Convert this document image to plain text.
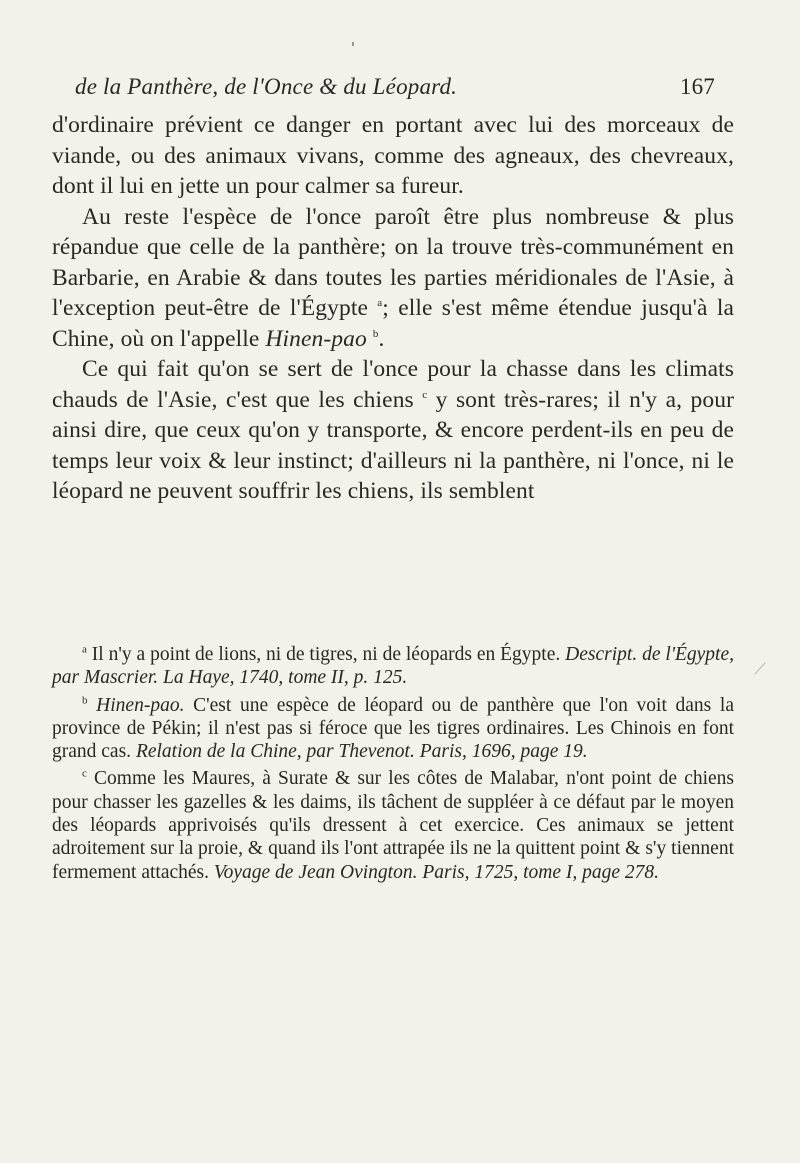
de la Panthère, de l'Once & du Léopard.	167

d'ordinaire prévient ce danger en portant avec lui des morceaux de viande, ou des animaux vivans, comme des agneaux, des chevreaux, dont il lui en jette un pour calmer sa fureur.

Au reste l'espèce de l'once paroît être plus nombreuse & plus répandue que celle de la panthère; on la trouve très-communément en Barbarie, en Arabie & dans toutes les parties méridionales de l'Asie, à l'exception peut-être de l'Égypte $^a$; elle s'est même étendue jusqu'à la Chine, où on l'appelle Hinen-pao $^b$.

Ce qui fait qu'on se sert de l'once pour la chasse dans les climats chauds de l'Asie, c'est que les chiens $^c$ y sont très-rares; il n'y a, pour ainsi dire, que ceux qu'on y transporte, & encore perdent-ils en peu de temps leur voix & leur instinct; d'ailleurs ni la panthère, ni l'once, ni le léopard ne peuvent souffrir les chiens, ils semblent

$^a$ Il n'y a point de lions, ni de tigres, ni de léopards en Égypte. Descript. de l'Égypte, par Mascrier. La Haye, 1740, tome II, p. 125.

$^b$ Hinen-pao. C'est une espèce de léopard ou de panthère que l'on voit dans la province de Pékin; il n'est pas si féroce que les tigres ordinaires. Les Chinois en font grand cas. Relation de la Chine, par Thevenot. Paris, 1696, page 19.

$^c$ Comme les Maures, à Surate & sur les côtes de Malabar, n'ont point de chiens pour chasser les gazelles & les daims, ils tâchent de suppléer à ce défaut par le moyen des léopards apprivoisés qu'ils dressent à cet exercice. Ces animaux se jettent adroitement sur la proie, & quand ils l'ont attrapée ils ne la quittent point & s'y tiennent fermement attachés. Voyage de Jean Ovington. Paris, 1725, tome I, page 278.
